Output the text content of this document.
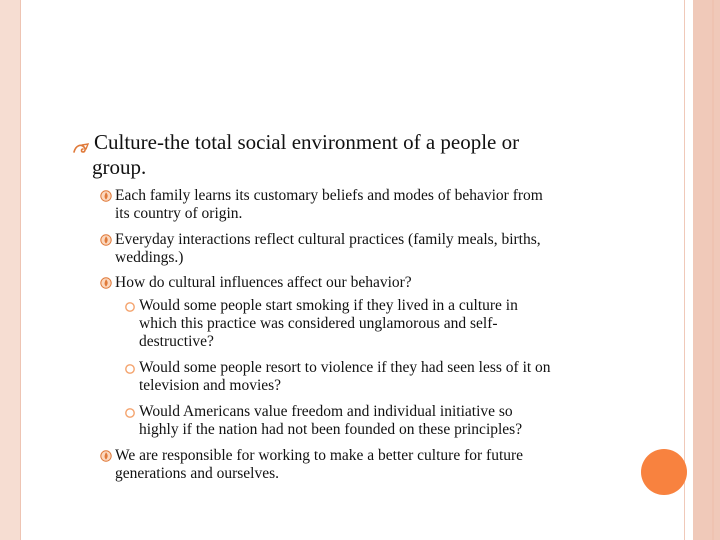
Culture-the total social environment of a people or
group.
Each family learns its customary beliefs and modes of behavior from
its country of origin.
Everyday interactions reflect cultural practices (family meals, births,
weddings.)
How do cultural influences affect our behavior?
Would some people start smoking if they lived in a culture in
which this practice was considered unglamorous and self-
destructive?
Would some people resort to violence if they had seen less of it on
television and movies?
Would Americans value freedom and individual initiative so
highly if the nation had not been founded on these principles?
We are responsible for working to make a better culture for future
generations and ourselves.
